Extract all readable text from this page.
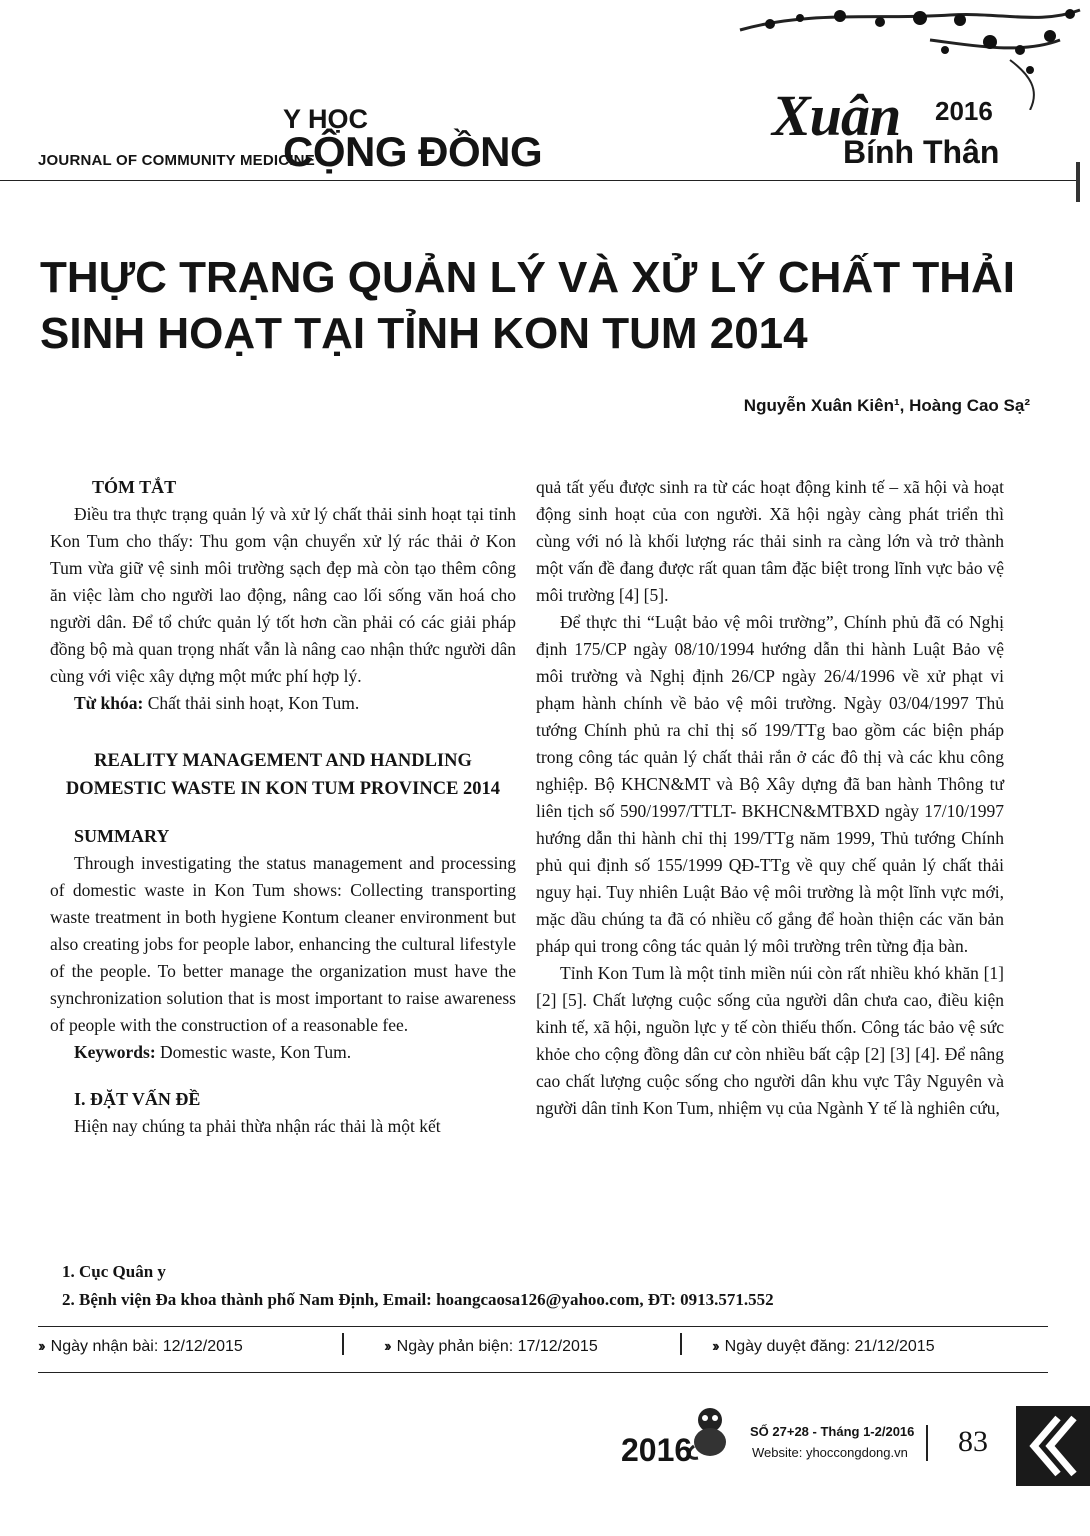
Y HỌC
CỘNG ĐỒNG
JOURNAL OF COMMUNITY MEDICINE
Xuân 2016
Bính Thân
THỰC TRẠNG QUẢN LÝ VÀ XỬ LÝ CHẤT THẢI
SINH HOẠT TẠI TỈNH KON TUM 2014
Nguyễn Xuân Kiên¹, Hoàng Cao Sạ²

TÓM TẮT

Điều tra thực trạng quản lý và xử lý chất thải sinh hoạt tại tỉnh Kon Tum cho thấy: Thu gom vận chuyển xử lý rác thải ở Kon Tum vừa giữ vệ sinh môi trường sạch đẹp mà còn tạo thêm công ăn việc làm cho người lao động, nâng cao lối sống văn hoá cho người dân. Để tổ chức quản lý tốt hơn cần phải có các giải pháp đồng bộ mà quan trọng nhất vẫn là nâng cao nhận thức người dân cùng với việc xây dựng một mức phí hợp lý.

Từ khóa: Chất thải sinh hoạt, Kon Tum.

REALITY MANAGEMENT AND HANDLING DOMESTIC WASTE IN KON TUM PROVINCE 2014

SUMMARY

Through investigating the status management and processing of domestic waste in Kon Tum shows: Collecting transporting waste treatment in both hygiene Kontum cleaner environment but also creating jobs for people labor, enhancing the cultural lifestyle of the people. To better manage the organization must have the synchronization solution that is most important to raise awareness of people with the construction of a reasonable fee.

Keywords: Domestic waste, Kon Tum.

I. ĐẶT VẤN ĐỀ

Hiện nay chúng ta phải thừa nhận rác thải là một kết

quả tất yếu được sinh ra từ các hoạt động kinh tế – xã hội và hoạt động sinh hoạt của con người. Xã hội ngày càng phát triển thì cùng với nó là khối lượng rác thải sinh ra càng lớn và trở thành một vấn đề đang được rất quan tâm đặc biệt trong lĩnh vực bảo vệ môi trường [4] [5].

Để thực thi “Luật bảo vệ môi trường”, Chính phủ đã có Nghị định 175/CP ngày 08/10/1994 hướng dẫn thi hành Luật Bảo vệ môi trường và Nghị định 26/CP ngày 26/4/1996 về xử phạt vi phạm hành chính về bảo vệ môi trường. Ngày 03/04/1997 Thủ tướng Chính phủ ra chỉ thị số 199/TTg bao gồm các biện pháp trong công tác quản lý chất thải rắn ở các đô thị và các khu công nghiệp. Bộ KHCN&MT và Bộ Xây dựng đã ban hành Thông tư liên tịch số 590/1997/TTLT- BKHCN&MTBXD ngày 17/10/1997 hướng dẫn thi hành chỉ thị 199/TTg năm 1999, Thủ tướng Chính phủ qui định số 155/1999 QĐ-TTg về quy chế quản lý chất thải nguy hại. Tuy nhiên Luật Bảo vệ môi trường là một lĩnh vực mới, mặc dầu chúng ta đã có nhiều cố gắng để hoàn thiện các văn bản pháp qui trong công tác quản lý môi trường trên từng địa bàn.

Tỉnh Kon Tum là một tỉnh miền núi còn rất nhiều khó khăn [1] [2] [5]. Chất lượng cuộc sống của người dân chưa cao, điều kiện kinh tế, xã hội, nguồn lực y tế còn thiếu thốn. Công tác bảo vệ sức khỏe cho cộng đồng dân cư còn nhiều bất cập [2] [3] [4]. Để nâng cao chất lượng cuộc sống cho người dân khu vực Tây Nguyên và người dân tỉnh Kon Tum, nhiệm vụ của Ngành Y tế là nghiên cứu,

1. Cục Quân y
2. Bệnh viện Đa khoa thành phố Nam Định, Email: hoangcaosa126@yahoo.com, ĐT: 0913.571.552
›› Ngày nhận bài: 12/12/2015	›› Ngày phản biện: 17/12/2015	›› Ngày duyệt đăng: 21/12/2015
2016
SỐ 27+28 - Tháng 1-2/2016
Website: yhoccongdong.vn 83
